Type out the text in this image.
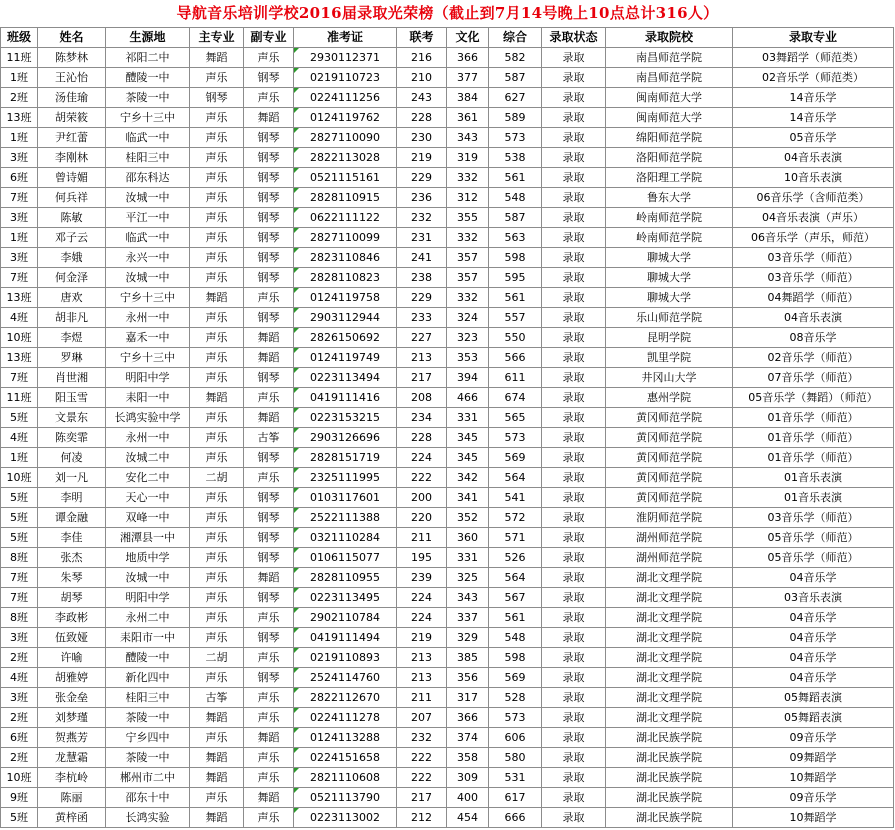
导航音乐培训学校2016届录取光荣榜（截止到7月14号晚上10点总计316人）
班级	姓名	生源地	主专业	副专业	准考证	联考	文化	综合	录取状态	录取院校	录取专业
11班	陈梦林	祁阳二中	舞蹈	声乐	2930112371	216	366	582	录取	南昌师范学院	03舞蹈学（师范类）
1班	王沁怡	醴陵一中	声乐	钢琴	0219110723	210	377	587	录取	南昌师范学院	02音乐学（师范类）
2班	汤佳瑜	茶陵一中	钢琴	声乐	0224111256	243	384	627	录取	闽南师范大学	14音乐学
13班	胡荣筱	宁乡十三中	声乐	舞蹈	0124119762	228	361	589	录取	闽南师范大学	14音乐学
1班	尹红蕾	临武一中	声乐	钢琴	2827110090	230	343	573	录取	绵阳师范学院	05音乐学
3班	李刚林	桂阳三中	声乐	钢琴	2822113028	219	319	538	录取	洛阳师范学院	04音乐表演
6班	曾诗媚	邵东科达	声乐	钢琴	0521115161	229	332	561	录取	洛阳理工学院	10音乐表演
7班	何兵祥	汝城一中	声乐	钢琴	2828110915	236	312	548	录取	鲁东大学	06音乐学（含师范类）
3班	陈敏	平江一中	声乐	钢琴	0622111122	232	355	587	录取	岭南师范学院	04音乐表演（声乐）
1班	邓子云	临武一中	声乐	钢琴	2827110099	231	332	563	录取	岭南师范学院	06音乐学（声乐，师范）
3班	李娥	永兴一中	声乐	钢琴	2823110846	241	357	598	录取	聊城大学	03音乐学（师范）
7班	何金泽	汝城一中	声乐	钢琴	2828110823	238	357	595	录取	聊城大学	03音乐学（师范）
13班	唐欢	宁乡十三中	舞蹈	声乐	0124119758	229	332	561	录取	聊城大学	04舞蹈学（师范）
4班	胡非凡	永州一中	声乐	钢琴	2903112944	233	324	557	录取	乐山师范学院	04音乐表演
10班	李煜	嘉禾一中	声乐	舞蹈	2826150692	227	323	550	录取	昆明学院	08音乐学
13班	罗琳	宁乡十三中	声乐	舞蹈	0124119749	213	353	566	录取	凯里学院	02音乐学（师范）
7班	肖世湘	明阳中学	声乐	钢琴	0223113494	217	394	611	录取	井冈山大学	07音乐学（师范）
11班	阳玉雪	耒阳一中	舞蹈	声乐	0419111416	208	466	674	录取	惠州学院	05音乐学（舞蹈）（师范）
5班	文景东	长鸿实验中学	声乐	舞蹈	0223153215	234	331	565	录取	黄冈师范学院	01音乐学（师范）
4班	陈奕霏	永州一中	声乐	古筝	2903126696	228	345	573	录取	黄冈师范学院	01音乐学（师范）
1班	何凌	汝城二中	声乐	钢琴	2828151719	224	345	569	录取	黄冈师范学院	01音乐学（师范）
10班	刘一凡	安化二中	二胡	声乐	2325111995	222	342	564	录取	黄冈师范学院	01音乐表演
5班	李明	天心一中	声乐	钢琴	0103117601	200	341	541	录取	黄冈师范学院	01音乐表演
5班	谭金融	双峰一中	声乐	钢琴	2522111388	220	352	572	录取	淮阴师范学院	03音乐学（师范）
5班	李佳	湘潭县一中	声乐	钢琴	0321110284	211	360	571	录取	湖州师范学院	05音乐学（师范）
8班	张杰	地质中学	声乐	钢琴	0106115077	195	331	526	录取	湖州师范学院	05音乐学（师范）
7班	朱琴	汝城一中	声乐	舞蹈	2828110955	239	325	564	录取	湖北文理学院	04音乐学
7班	胡琴	明阳中学	声乐	钢琴	0223113495	224	343	567	录取	湖北文理学院	03音乐表演
8班	李政彬	永州二中	声乐	声乐	2902110784	224	337	561	录取	湖北文理学院	04音乐学
3班	伍致娅	耒阳市一中	声乐	钢琴	0419111494	219	329	548	录取	湖北文理学院	04音乐学
2班	许喻	醴陵一中	二胡	声乐	0219110893	213	385	598	录取	湖北文理学院	04音乐学
4班	胡雅婷	新化四中	声乐	钢琴	2524114760	213	356	569	录取	湖北文理学院	04音乐学
3班	张金垒	桂阳三中	古筝	声乐	2822112670	211	317	528	录取	湖北文理学院	05舞蹈表演
2班	刘梦瑾	茶陵一中	舞蹈	声乐	0224111278	207	366	573	录取	湖北文理学院	05舞蹈表演
6班	贺燕芳	宁乡四中	声乐	舞蹈	0124113288	232	374	606	录取	湖北民族学院	09音乐学
2班	龙慧霜	茶陵一中	舞蹈	声乐	0224151658	222	358	580	录取	湖北民族学院	09舞蹈学
10班	李杭岭	郴州市二中	舞蹈	声乐	2821110608	222	309	531	录取	湖北民族学院	10舞蹈学
9班	陈丽	邵东十中	声乐	舞蹈	0521113790	217	400	617	录取	湖北民族学院	09音乐学
5班	黄梓函	长鸿实验	舞蹈	声乐	0223113002	212	454	666	录取	湖北民族学院	10舞蹈学
